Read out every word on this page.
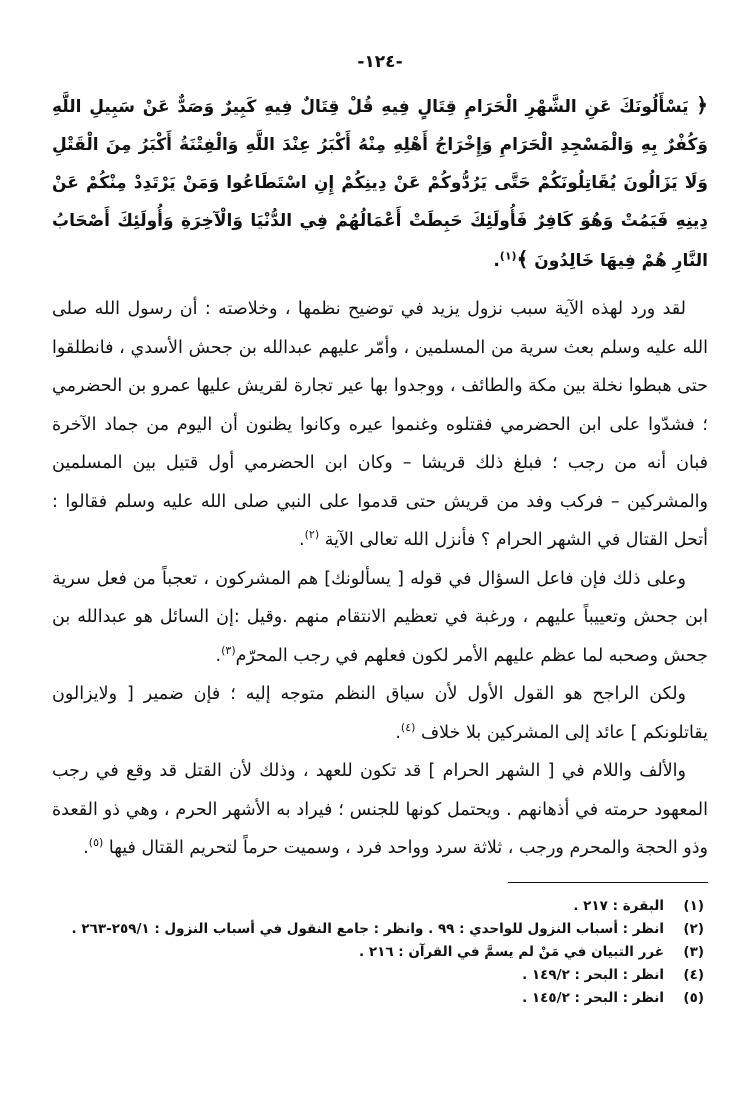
-١٢٤-

﴿ يَسْأَلُونَكَ عَنِ الشَّهْرِ الْحَرَامِ قِتَالٍ فِيهِ قُلْ قِتَالٌ فِيهِ كَبِيرٌ وَصَدٌّ عَنْ سَبِيلِ اللَّهِ وَكُفْرٌ بِهِ وَالْمَسْجِدِ الْحَرَامِ وَإِخْرَاجُ أَهْلِهِ مِنْهُ أَكْبَرُ عِنْدَ اللَّهِ وَالْفِتْنَةُ أَكْبَرُ مِنَ الْقَتْلِ وَلَا يَزَالُونَ يُقَاتِلُونَكُمْ حَتَّى يَرُدُّوكُمْ عَنْ دِينِكُمْ إِنِ اسْتَطَاعُوا وَمَنْ يَرْتَدِدْ مِنْكُمْ عَنْ دِينِهِ فَيَمُتْ وَهُوَ كَافِرٌ فَأُولَئِكَ حَبِطَتْ أَعْمَالُهُمْ فِي الدُّنْيَا وَالْآخِرَةِ وَأُولَئِكَ أَصْحَابُ النَّارِ هُمْ فِيهَا خَالِدُونَ ﴾$^{(١)}$.

لقد ورد لهذه الآية سبب نزول يزيد في توضيح نظمها ، وخلاصته : أن رسول الله صلى الله عليه وسلم بعث سرية من المسلمين ، وأمّر عليهم عبدالله بن جحش الأسدي ، فانطلقوا حتى هبطوا نخلة بين مكة والطائف ، ووجدوا بها عير تجارة لقريش عليها عمرو بن الحضرمي ؛ فشدّوا على ابن الحضرمي فقتلوه وغنموا عيره وكانوا يظنون أن اليوم من جماد الآخرة فبان أنه من رجب ؛ فبلغ ذلك قريشا – وكان ابن الحضرمي أول قتيل بين المسلمين والمشركين – فركب وفد من قريش حتى قدموا على النبي صلى الله عليه وسلم فقالوا : أتحل القتال في الشهر الحرام ؟ فأنزل الله تعالى الآية $^{(٢)}$.

وعلى ذلك فإن فاعل السؤال في قوله [ يسألونك] هم المشركون ، تعجباً من فعل سرية ابن جحش وتعييباً عليهم ، ورغبة في تعظيم الانتقام منهم .وقيل :إن السائل هو عبدالله بن جحش وصحبه لما عظم عليهم الأمر لكون فعلهم في رجب المحرّم$^{(٣)}$.

ولكن الراجح هو القول الأول لأن سياق النظم متوجه إليه ؛ فإن ضمير [ ولايزالون يقاتلونكم ] عائد إلى المشركين بلا خلاف $^{(٤)}$.

والألف واللام في [ الشهر الحرام ] قد تكون للعهد ، وذلك لأن القتل قد وقع في رجب المعهود حرمته في أذهانهم . ويحتمل كونها للجنس ؛ فيراد به الأشهر الحرم ، وهي ذو القعدة وذو الحجة والمحرم ورجب ، ثلاثة سرد وواحد فرد ، وسميت حرماً لتحريم القتال فيها $^{(٥)}$.

(١)
البقرة : ٢١٧ .
(٢)
انظر : أسباب النزول للواحدي : ٩٩ . وانظر : جامع النقول في أسباب النزول : ٢٥٩/١-٢٦٣ .
(٣)
غرر التبيان في مَنْ لم يسمَّ في القرآن : ٢١٦ .
(٤)
انظر : البحر : ١٤٩/٢ .
(٥)
انظر : البحر : ١٤٥/٢ .
